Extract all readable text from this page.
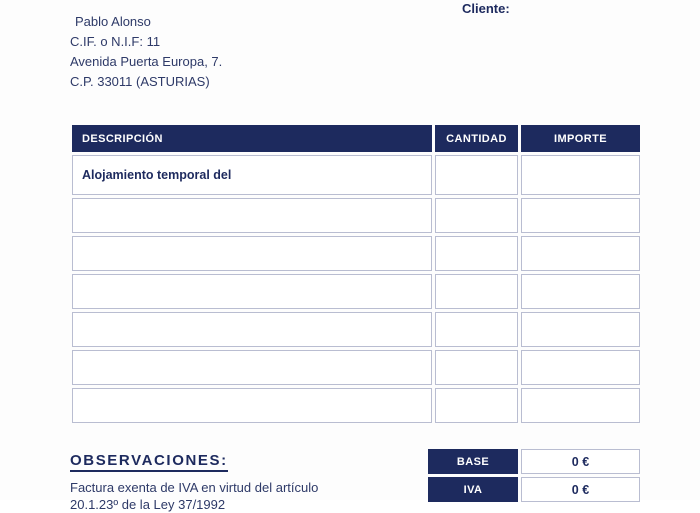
Pablo Alonso
C.IF. o N.I.F: 11
Avenida Puerta Europa, 7.
C.P. 33011 (ASTURIAS)
Cliente:
DESCRIPCIÓN	CANTIDAD	IMPORTE
Alojamiento temporal del
OBSERVACIONES:
Factura exenta de IVA en virtud del artículo
20.1.23º de la Ley 37/1992
BASE	0 €
IVA	0 €
